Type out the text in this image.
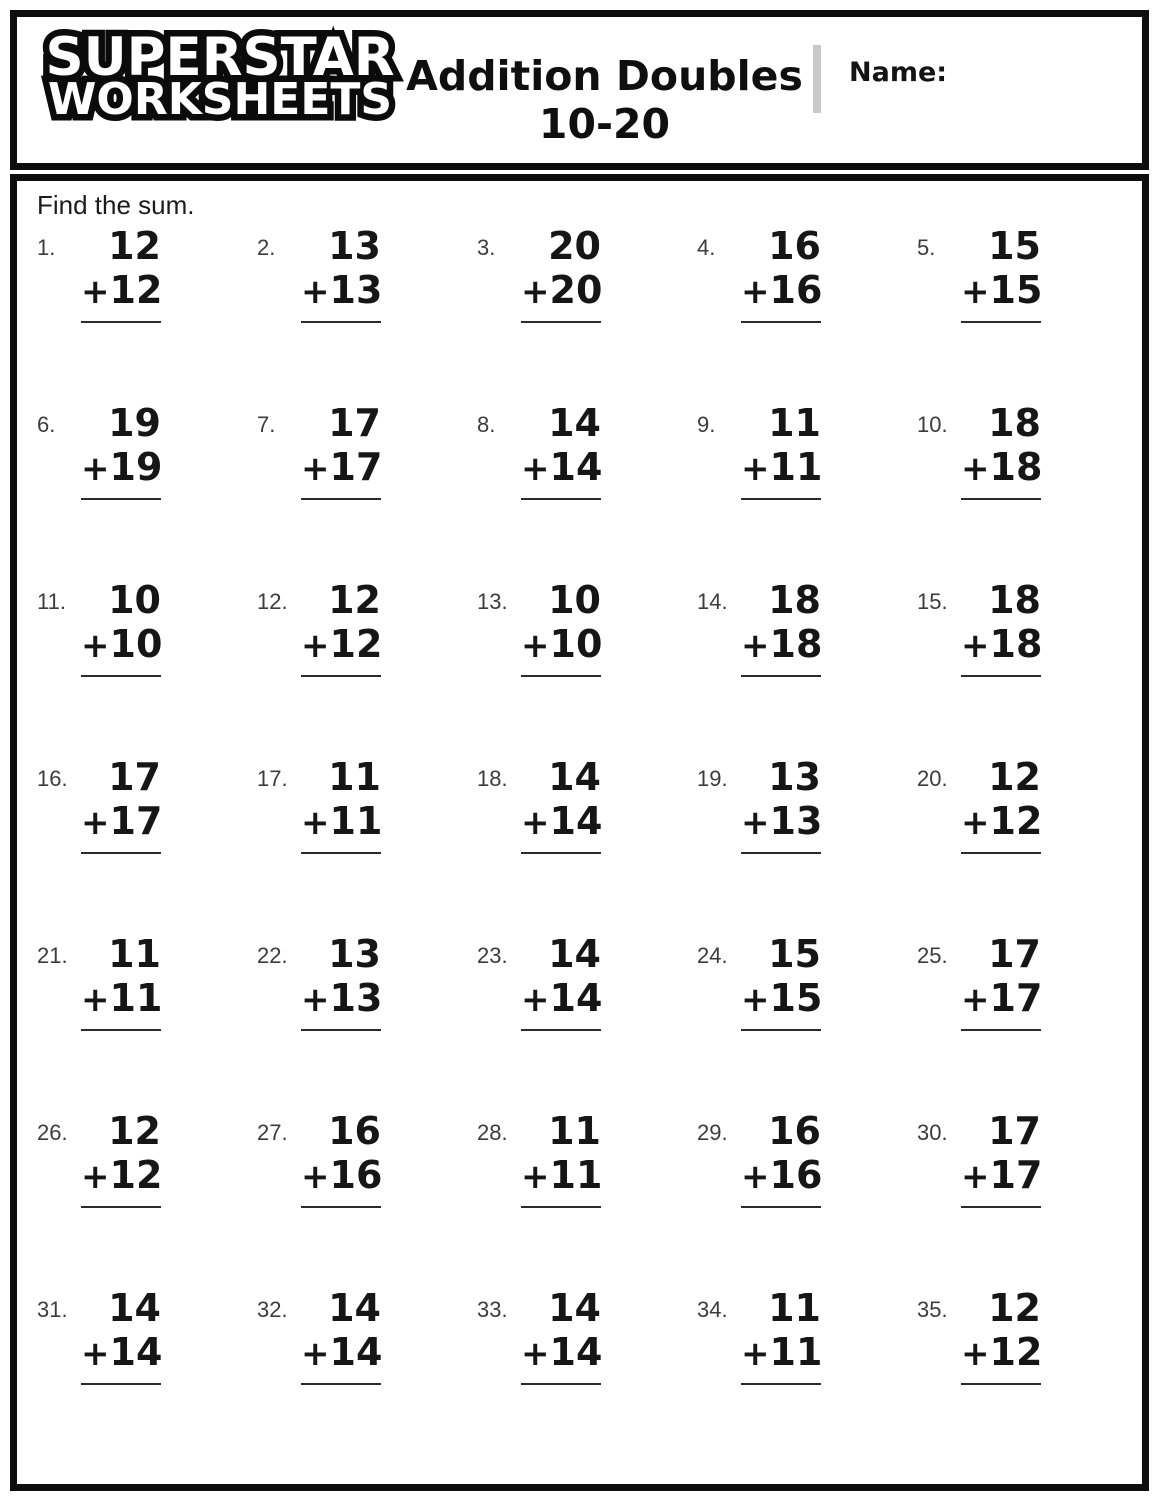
SUPERSTAR
WORKSHEETS Addition Doubles
10-20
Name:
Find the sum.
1.	12
+ 12
2.	13
+ 13
3.	20
+ 20
4.	16
+ 16
5.	15
+ 15
6.	19
+ 19
7.	17
+ 17
8.	14
+ 14
9.	11
+ 11
10.	18
+ 18
11.	10
+ 10
12.	12
+ 12
13.	10
+ 10
14.	18
+ 18
15.	18
+ 18
16.	17
+ 17
17.	11
+ 11
18.	14
+ 14
19.	13
+ 13
20.	12
+ 12
21.	11
+ 11
22.	13
+ 13
23.	14
+ 14
24.	15
+ 15
25.	17
+ 17
26.	12
+ 12
27.	16
+ 16
28.	11
+ 11
29.	16
+ 16
30.	17
+ 17
31.	14
+ 14
32.	14
+ 14
33.	14
+ 14
34.	11
+ 11
35.	12
+ 12
